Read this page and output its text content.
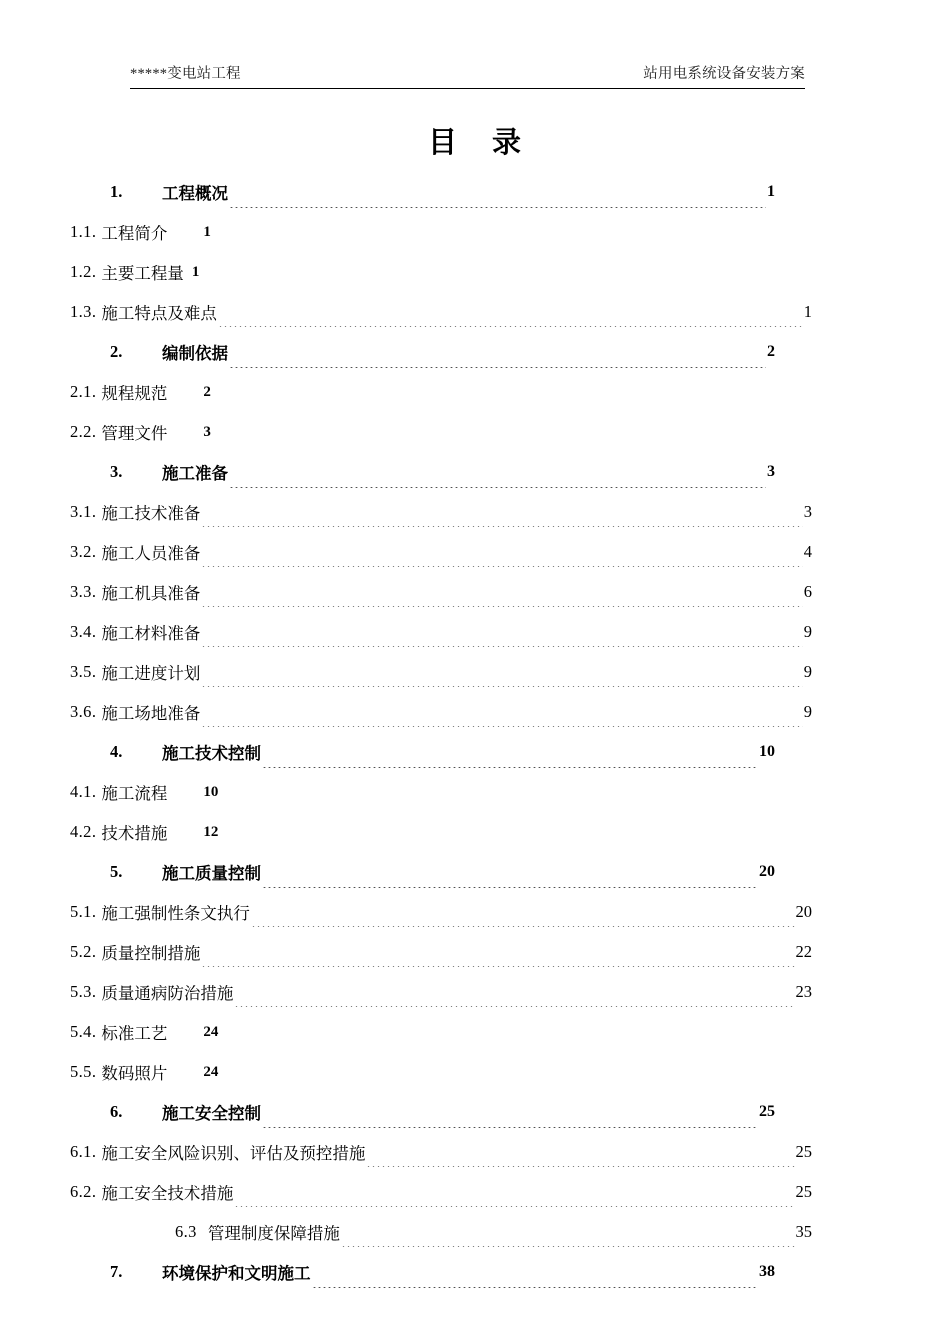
*****变电站工程	站用电系统设备安装方案
目 录
1.	工程概况	1
1.1. 工程简介 1
1.2. 主要工程量 1
1.3. 施工特点及难点	1
2.	编制依据	2
2.1. 规程规范 2
2.2. 管理文件 3
3.	施工准备	3
3.1. 施工技术准备	3
3.2. 施工人员准备	4
3.3. 施工机具准备	6
3.4. 施工材料准备	9
3.5. 施工进度计划	9
3.6. 施工场地准备	9
4.	施工技术控制	10
4.1. 施工流程 10
4.2. 技术措施 12
5.	施工质量控制	20
5.1. 施工强制性条文执行	20
5.2. 质量控制措施	22
5.3. 质量通病防治措施	23
5.4. 标准工艺 24
5.5. 数码照片 24
6.	施工安全控制	25
6.1. 施工安全风险识别、评估及预控措施	25
6.2. 施工安全技术措施	25
6.3 管理制度保障措施	35
7.	环境保护和文明施工	38
